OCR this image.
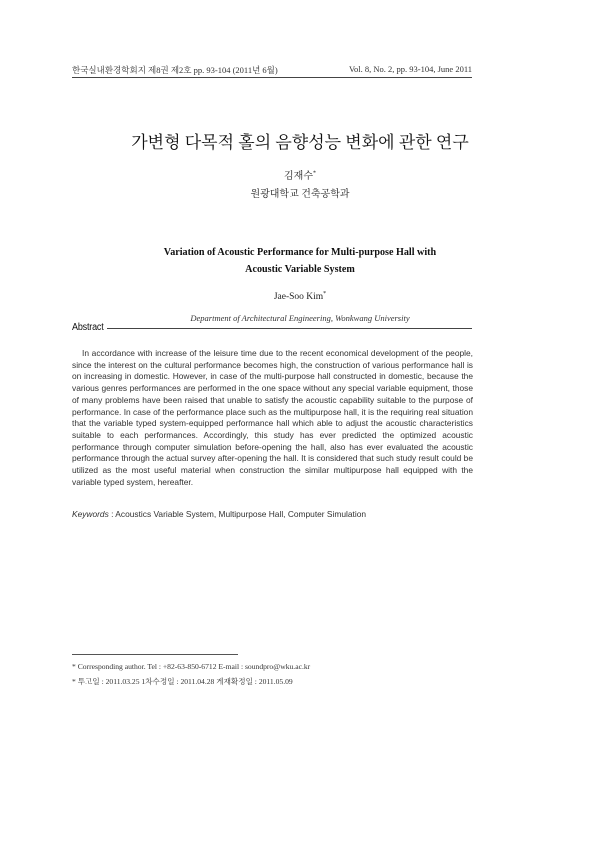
한국실내환경학회지 제8권 제2호 pp. 93-104 (2011년 6월)	Vol. 8, No. 2, pp. 93-104, June 2011
가변형 다목적 홀의 음향성능 변화에 관한 연구
김재수*
원광대학교 건축공학과
Variation of Acoustic Performance for Multi-purpose Hall with
Acoustic Variable System
Jae-Soo Kim*
Department of Architectural Engineering, Wonkwang University
Abstract

In accordance with increase of the leisure time due to the recent economical development of the people, since the interest on the cultural performance becomes high, the construction of various performance hall is on increasing in domestic. However, in case of the multi-purpose hall constructed in domestic, because the various genres performances are performed in the one space without any special variable equipment, those of many problems have been raised that unable to satisfy the acoustic capability suitable to the purpose of performance. In case of the performance place such as the multipurpose hall, it is the requiring real situation that the variable typed system-equipped performance hall which able to adjust the acoustic characteristics suitable to each performances. Accordingly, this study has ever predicted the optimized acoustic performance through computer simulation before-opening the hall, also has ever evaluated the acoustic performance through the actual survey after-opening the hall. It is considered that such study result could be utilized as the most useful material when construction the similar multipurpose hall equipped with the variable typed system, hereafter.

Keywords : Acoustics Variable System, Multipurpose Hall, Computer Simulation
* Corresponding author. Tel : +82-63-850-6712 E-mail : soundpro@wku.ac.kr
* 투고일 : 2011.03.25 1차수정일 : 2011.04.28 게재확정일 : 2011.05.09
